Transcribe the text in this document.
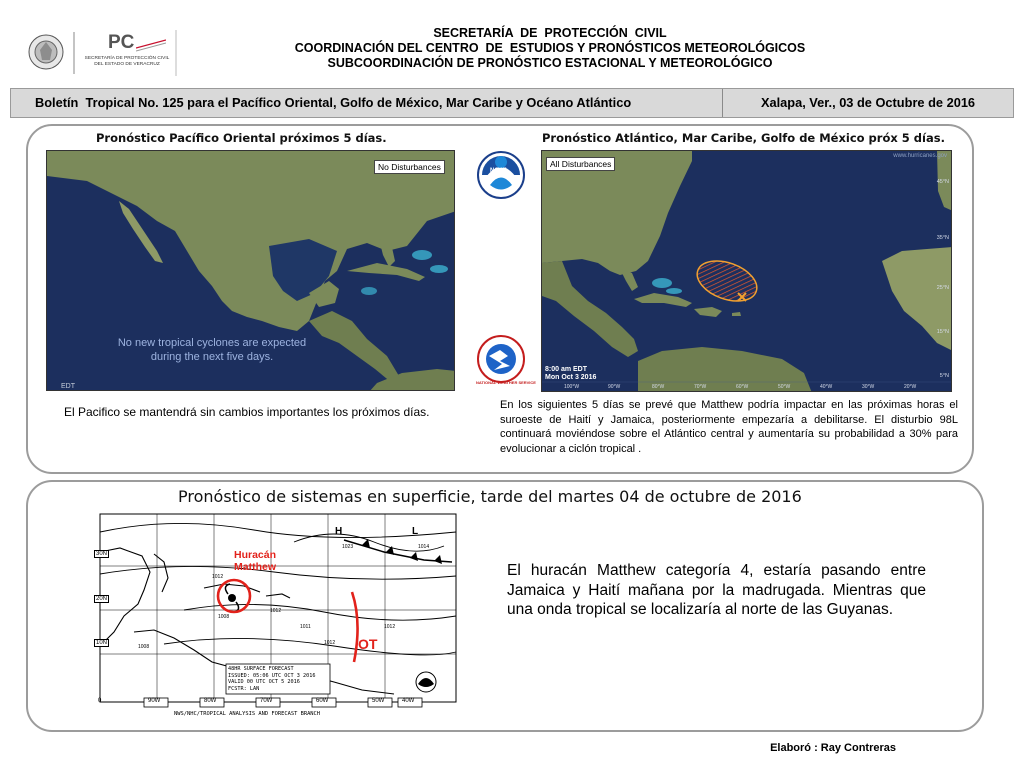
PC
SECRETARÍA DE PROTECCIÓN CIVIL
DEL ESTADO DE VERACRUZ
SECRETARÍA  DE  PROTECCIÓN  CIVIL
COORDINACIÓN DEL CENTRO  DE  ESTUDIOS Y PRONÓSTICOS METEOROLÓGICOS
SUBCOORDINACIÓN DE PRONÓSTICO ESTACIONAL Y METEOROLÓGICO
Boletín  Tropical No. 125 para el Pacífico Oriental, Golfo de México, Mar Caribe y Océano Atlántico	Xalapa, Ver., 03 de Octubre de 2016
Pronóstico Pacífico Oriental próximos 5 días.	Pronóstico Atlántico, Mar Caribe, Golfo de México próx 5 días.
No Disturbances
No new tropical cyclones are expected
during the next five days.
EDT
NOAA
NATIONAL WEATHER SERVICE
All Disturbances
www.hurricanes.gov
8:00 am EDT
Mon Oct 3 2016
45°N
35°N
25°N
15°N
5°N
100°W	90°W	80°W	70°W	60°W	50°W	40°W	30°W	20°W
El Pacifico se mantendrá sin cambios importantes los próximos días.	En los siguientes 5 días se prevé que Matthew podría impactar en las próximas horas el suroeste de Haití y Jamaica, posteriormente empezaría a debilitarse. El disturbio 98L continuará moviéndose sobre el Atlántico central y aumentaría su probabilidad a 30% para evolucionar a ciclón tropical .
Pronóstico de sistemas en superficie, tarde del martes 04 de octubre de 2016
Huracán
Matthew
OT
H	L
1023	1014
1012
1012
1011
1008
1008
1012
1012
30N
20N
10N
0	90W	80W	70W	60W	50W	40W
48HR SURFACE FORECAST
ISSUED: 05:06 UTC OCT 3 2016
VALID 00 UTC OCT 5 2016
FCSTR: LAN
NWS/NHC/TROPICAL ANALYSIS AND FORECAST BRANCH
El huracán Matthew categoría 4, estaría pasando entre Jamaica y Haití mañana por la madrugada. Mientras que una onda tropical se localizaría al norte de las Guyanas.
Elaboró : Ray Contreras
